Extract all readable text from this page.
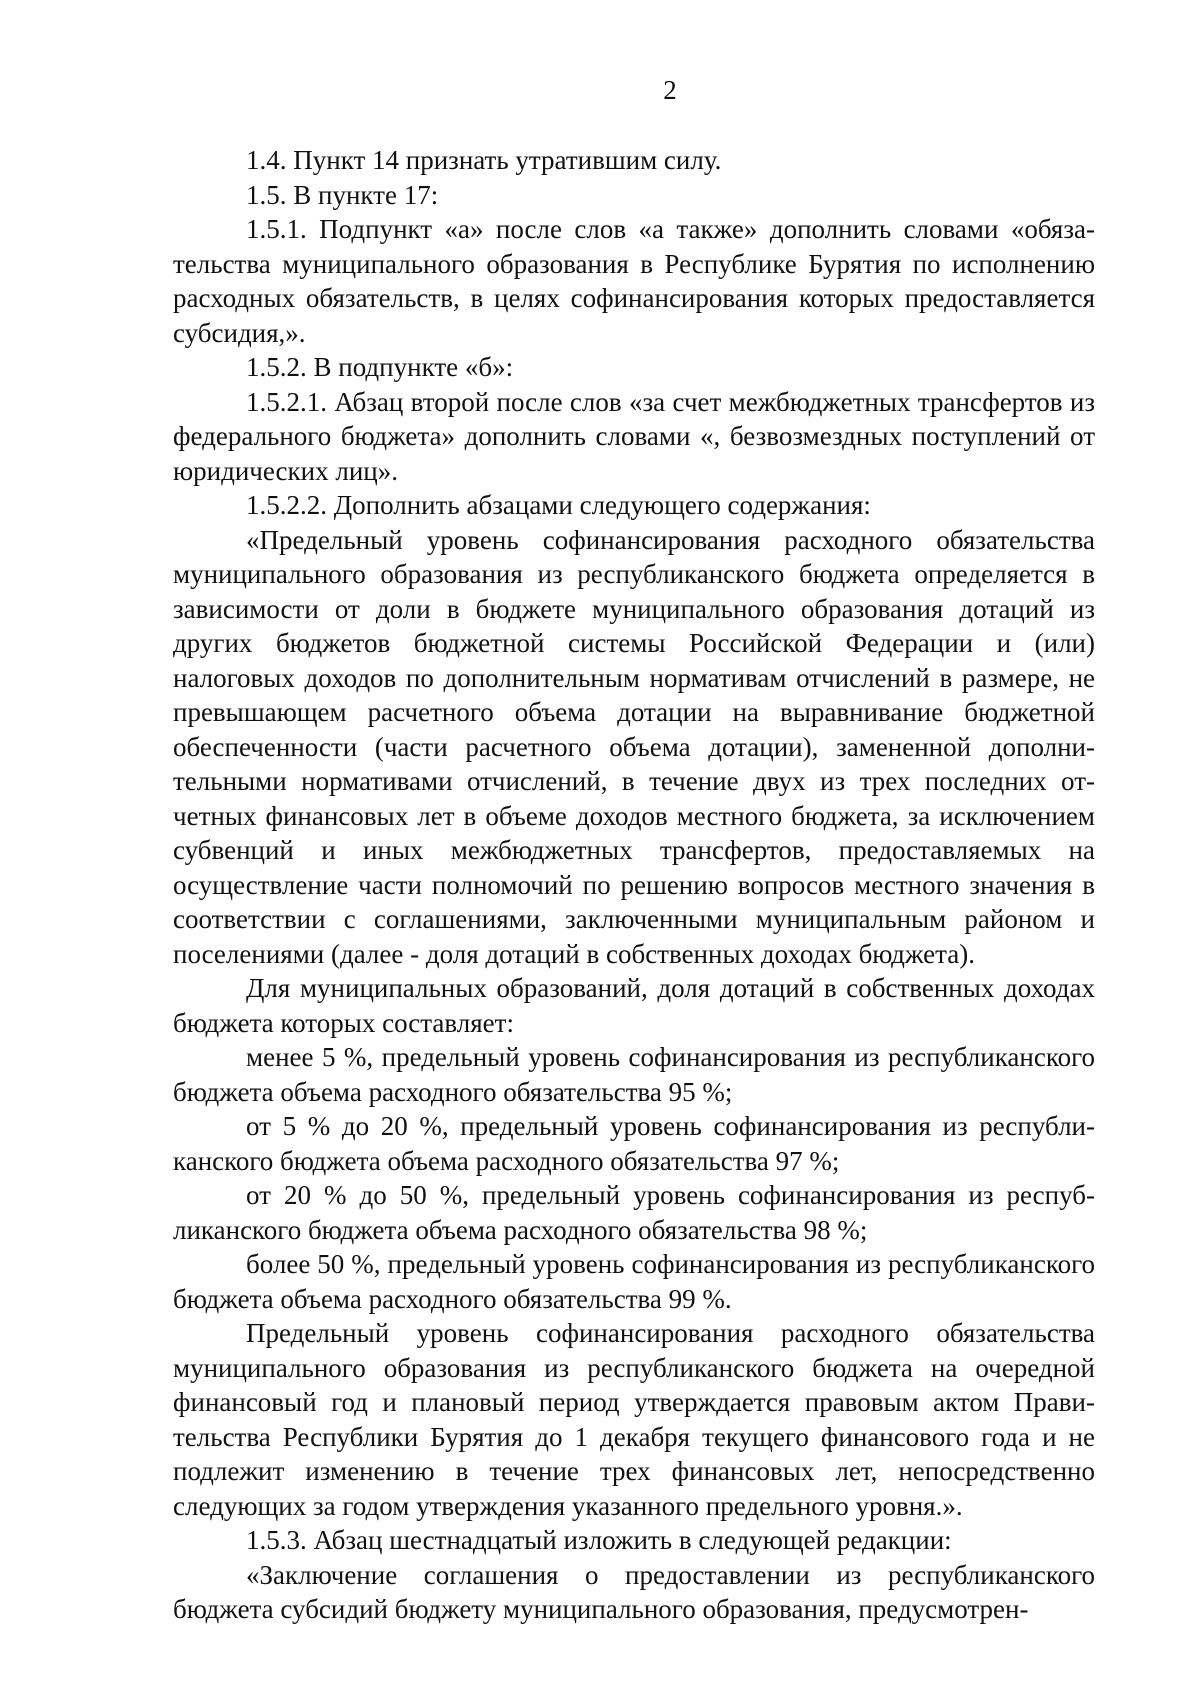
2

1.4. Пункт 14 признать утратившим силу.

1.5. В пункте 17:

1.5.1. Подпункт «а» после слов «а также» дополнить словами «обязательства муниципального образования в Республике Бурятия по исполнению расходных обязательств, в целях софинансирования которых предоставляется субсидия,».

1.5.2. В подпункте «б»:

1.5.2.1. Абзац второй после слов «за счет межбюджетных трансфертов из федерального бюджета» дополнить словами «, безвозмездных поступлений от юридических лиц».

1.5.2.2. Дополнить абзацами следующего содержания:

«Предельный уровень софинансирования расходного обязательства муниципального образования из республиканского бюджета определяется в зависимости от доли в бюджете муниципального образования дотаций из других бюджетов бюджетной системы Российской Федерации и (или) налоговых доходов по дополнительным нормативам отчислений в размере, не превышающем расчетного объема дотации на выравнивание бюджетной обеспеченности (части расчетного объема дотации), замененной дополнительными нормативами отчислений, в течение двух из трех последних отчетных финансовых лет в объеме доходов местного бюджета, за исключением субвенций и иных межбюджетных трансфертов, предоставляемых на осуществление части полномочий по решению вопросов местного значения в соответствии с соглашениями, заключенными муниципальным районом и поселениями (далее - доля дотаций в собственных доходах бюджета).

Для муниципальных образований, доля дотаций в собственных доходах бюджета которых составляет:

менее 5 %, предельный уровень софинансирования из республиканского бюджета объема расходного обязательства 95 %;

от 5 % до 20 %, предельный уровень софинансирования из республиканского бюджета объема расходного обязательства 97 %;

от 20 % до 50 %, предельный уровень софинансирования из республиканского бюджета объема расходного обязательства 98 %;

более 50 %, предельный уровень софинансирования из республиканского бюджета объема расходного обязательства 99 %.

Предельный уровень софинансирования расходного обязательства муниципального образования из республиканского бюджета на очередной финансовый год и плановый период утверждается правовым актом Правительства Республики Бурятия до 1 декабря текущего финансового года и не подлежит изменению в течение трех финансовых лет, непосредственно следующих за годом утверждения указанного предельного уровня.».

1.5.3. Абзац шестнадцатый изложить в следующей редакции:

«Заключение соглашения о предоставлении из республиканского бюджета субсидий бюджету муниципального образования, предусмотрен-
